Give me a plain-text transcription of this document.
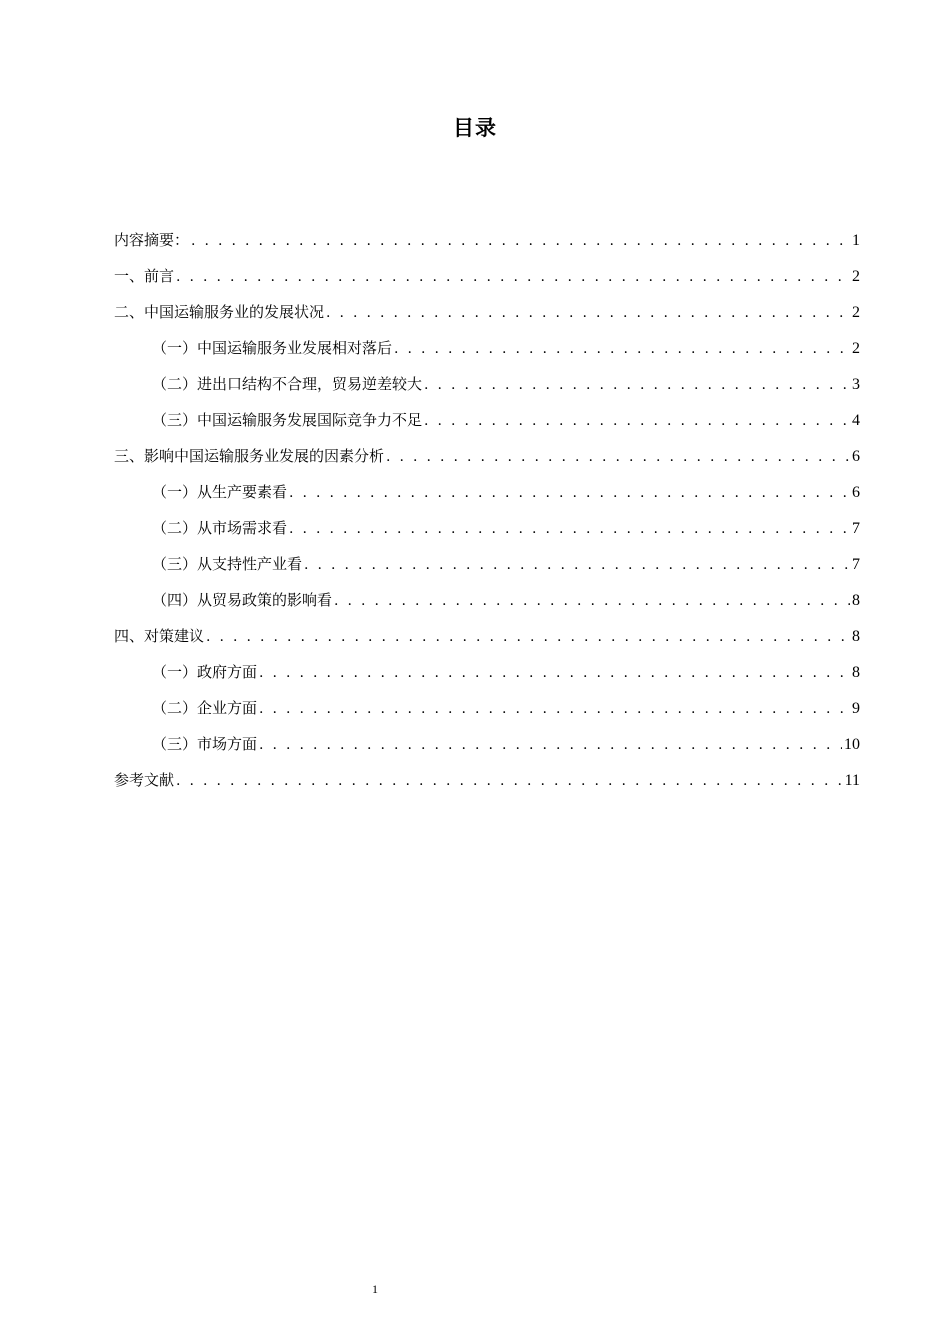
目录
内容摘要： . . .	1
一、前言 . . .	2
二、中国运输服务业的发展状况 . . .	2
（一）中国运输服务业发展相对落后 . . .	2
（二）进出口结构不合理，贸易逆差较大 . . .	3
（三）中国运输服务发展国际竞争力不足 . . .	4
三、影响中国运输服务业发展的因素分析 . . .	6
（一）从生产要素看 . . .	6
（二）从市场需求看 . . .	7
（三）从支持性产业看 . . .	7
（四）从贸易政策的影响看 . . .	8
四、对策建议 . . .	8
（一）政府方面 . . .	8
（二）企业方面 . . .	9
（三）市场方面 . . .	10
参考文献 . . .	11
1
